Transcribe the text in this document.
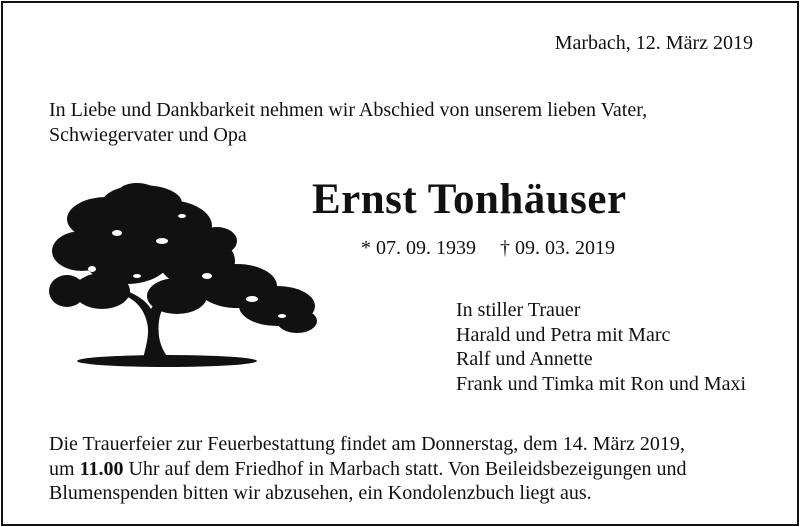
Marbach, 12. März 2019

In Liebe und Dankbarkeit nehmen wir Abschied von unserem lieben Vater,
Schwiegervater und Opa
Ernst Tonhäuser

* 07. 09. 1939 † 09. 03. 2019

In stiller Trauer
Harald und Petra mit Marc
Ralf und Annette
Frank und Timka mit Ron und Maxi
Die Trauerfeier zur Feuerbestattung findet am Donnerstag, dem 14. März 2019,
um 11.00 Uhr auf dem Friedhof in Marbach statt. Von Beileidsbezeigungen und
Blumenspenden bitten wir abzusehen, ein Kondolenzbuch liegt aus.
